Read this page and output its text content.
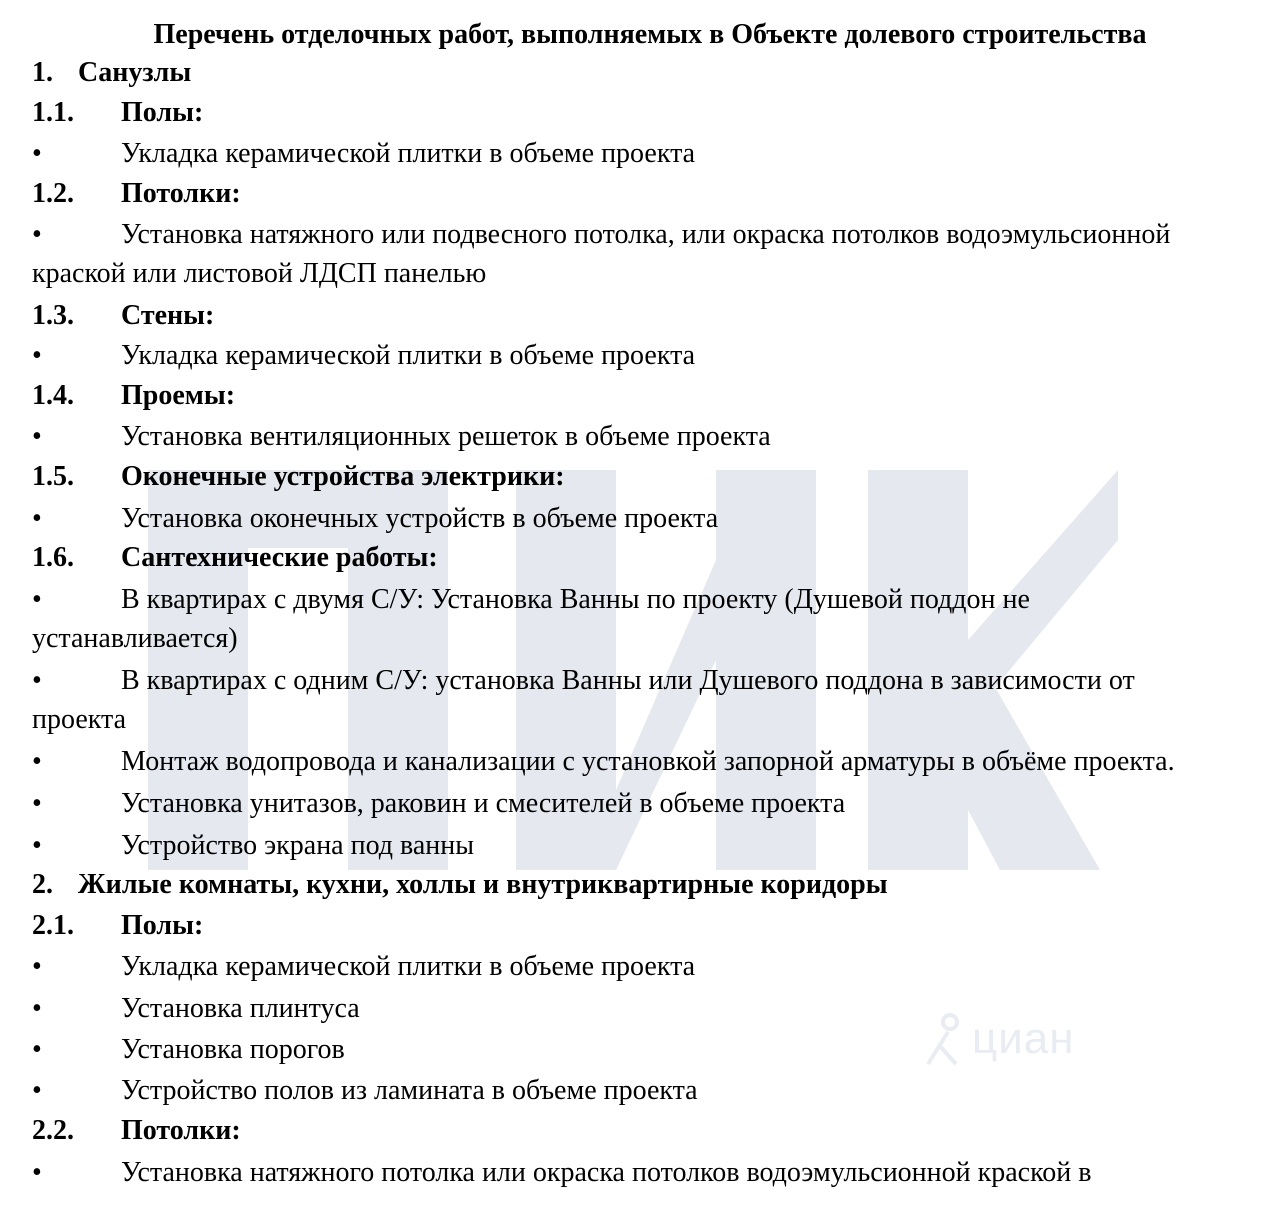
циан
Перечень отделочных работ, выполняемых в Объекте долевого строительства
1. Санузлы
1.1. Полы:
•	Укладка керамической плитки в объеме проекта
1.2. Потолки:
•	Установка натяжного или подвесного потолка, или окраска потолков водоэмульсионной
краской или листовой ЛДСП панелью
1.3. Стены:
•	Укладка керамической плитки в объеме проекта
1.4. Проемы:
•	Установка вентиляционных решеток в объеме проекта
1.5. Оконечные устройства электрики:
•	Установка оконечных устройств в объеме проекта
1.6. Сантехнические работы:
•	В квартирах с двумя С/У: Установка Ванны по проекту (Душевой поддон не
устанавливается)
•	В квартирах с одним С/У: установка Ванны или Душевого поддона в зависимости от
проекта
•	Монтаж водопровода и канализации с установкой запорной арматуры в объёме проекта.
•	Установка унитазов, раковин и смесителей в объеме проекта
•	Устройство экрана под ванны
2. Жилые комнаты, кухни, холлы и внутриквартирные коридоры
2.1. Полы:
•	Укладка керамической плитки в объеме проекта
•	Установка плинтуса
•	Установка порогов
•	Устройство полов из ламината в объеме проекта
2.2. Потолки:
•	Установка натяжного потолка или окраска потолков водоэмульсионной краской в
